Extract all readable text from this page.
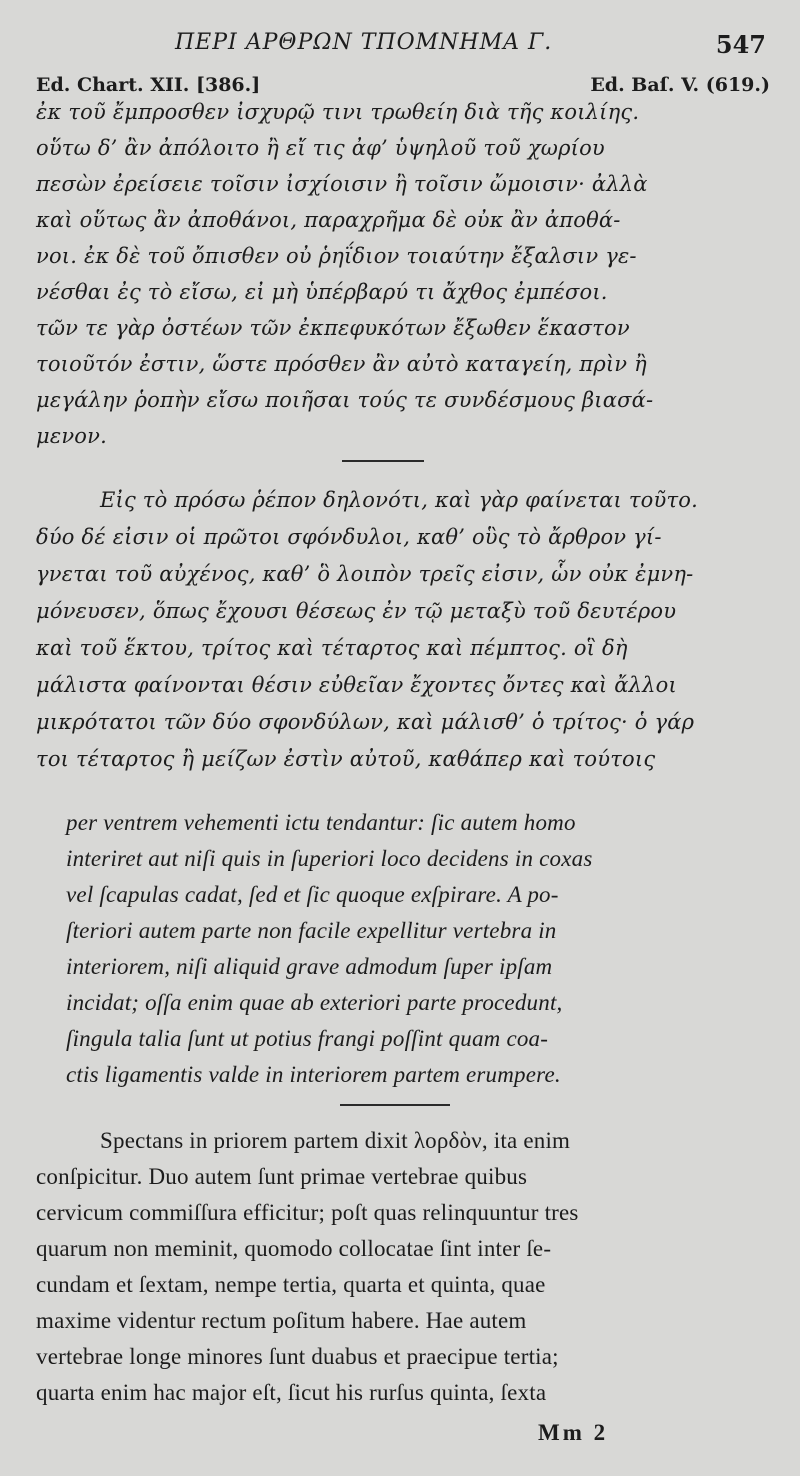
ΠΕΡΙ ΑΡΘΡΩΝ ΤΠΟΜΝΗΜΑ Γ.	547
Ed. Chart. XII. [386.]	Ed. Baſ. V. (619.)
ἐκ τοῦ ἔμπροσθεν ἰσχυρῷ τινι τρωθείη διὰ τῆς κοιλίης.
οὕτω δ’ ἂν ἀπόλοιτο ἢ εἴ τις ἀφ’ ὑψηλοῦ τοῦ χωρίου
πεσὼν ἐρείσειε τοῖσιν ἰσχίοισιν ἢ τοῖσιν ὤμοισιν· ἀλλὰ
καὶ οὕτως ἂν ἀποθάνοι, παραχρῆμα δὲ οὐκ ἂν ἀποθά-
νοι. ἐκ δὲ τοῦ ὄπισθεν οὐ ῥηΐδιον τοιαύτην ἔξαλσιν γε-
νέσθαι ἐς τὸ εἴσω, εἰ μὴ ὑπέρβαρύ τι ἄχθος ἐμπέσοι.
τῶν τε γὰρ ὀστέων τῶν ἐκπεφυκότων ἔξωθεν ἕκαστον
τοιοῦτόν ἐστιν, ὥστε πρόσθεν ἂν αὐτὸ καταγείη, πρὶν ἢ
μεγάλην ῥοπὴν εἴσω ποιῆσαι τούς τε συνδέσμους βιασά-
μενον.
Εἰς τὸ πρόσω ῥέπον δηλονότι, καὶ γὰρ φαίνεται τοῦτο.
δύο δέ εἰσιν οἱ πρῶτοι σφόνδυλοι, καθ’ οὓς τὸ ἄρθρον γί-
γνεται τοῦ αὐχένος, καθ’ ὃ λοιπὸν τρεῖς εἰσιν, ὧν οὐκ ἐμνη-
μόνευσεν, ὅπως ἔχουσι θέσεως ἐν τῷ μεταξὺ τοῦ δευτέρου
καὶ τοῦ ἕκτου, τρίτος καὶ τέταρτος καὶ πέμπτος. οἳ δὴ
μάλιστα φαίνονται θέσιν εὐθεῖαν ἔχοντες ὄντες καὶ ἄλλοι
μικρότατοι τῶν δύο σφονδύλων, καὶ μάλισθ’ ὁ τρίτος· ὁ γάρ
τοι τέταρτος ἢ μείζων ἐστὶν αὐτοῦ, καθάπερ καὶ τούτοις
per ventrem vehementi ictu tendantur: ſic autem homo
interiret aut niſi quis in ſuperiori loco decidens in coxas
vel ſcapulas cadat, ſed et ſic quoque exſpirare. A po-
ſteriori autem parte non facile expellitur vertebra in
interiorem, niſi aliquid grave admodum ſuper ipſam
incidat; oſſa enim quae ab exteriori parte procedunt,
ſingula talia ſunt ut potius frangi poſſint quam coa-
ctis ligamentis valde in interiorem partem erumpere.
Spectans in priorem partem dixit λορδὸν, ita enim
conſpicitur. Duo autem ſunt primae vertebrae quibus
cervicum commiſſura efficitur; poſt quas relinquuntur tres
quarum non meminit, quomodo collocatae ſint inter ſe-
cundam et ſextam, nempe tertia, quarta et quinta, quae
maxime videntur rectum poſitum habere. Hae autem
vertebrae longe minores ſunt duabus et praecipue tertia;
quarta enim hac major eſt, ſicut his rurſus quinta, ſexta
Mm 2
